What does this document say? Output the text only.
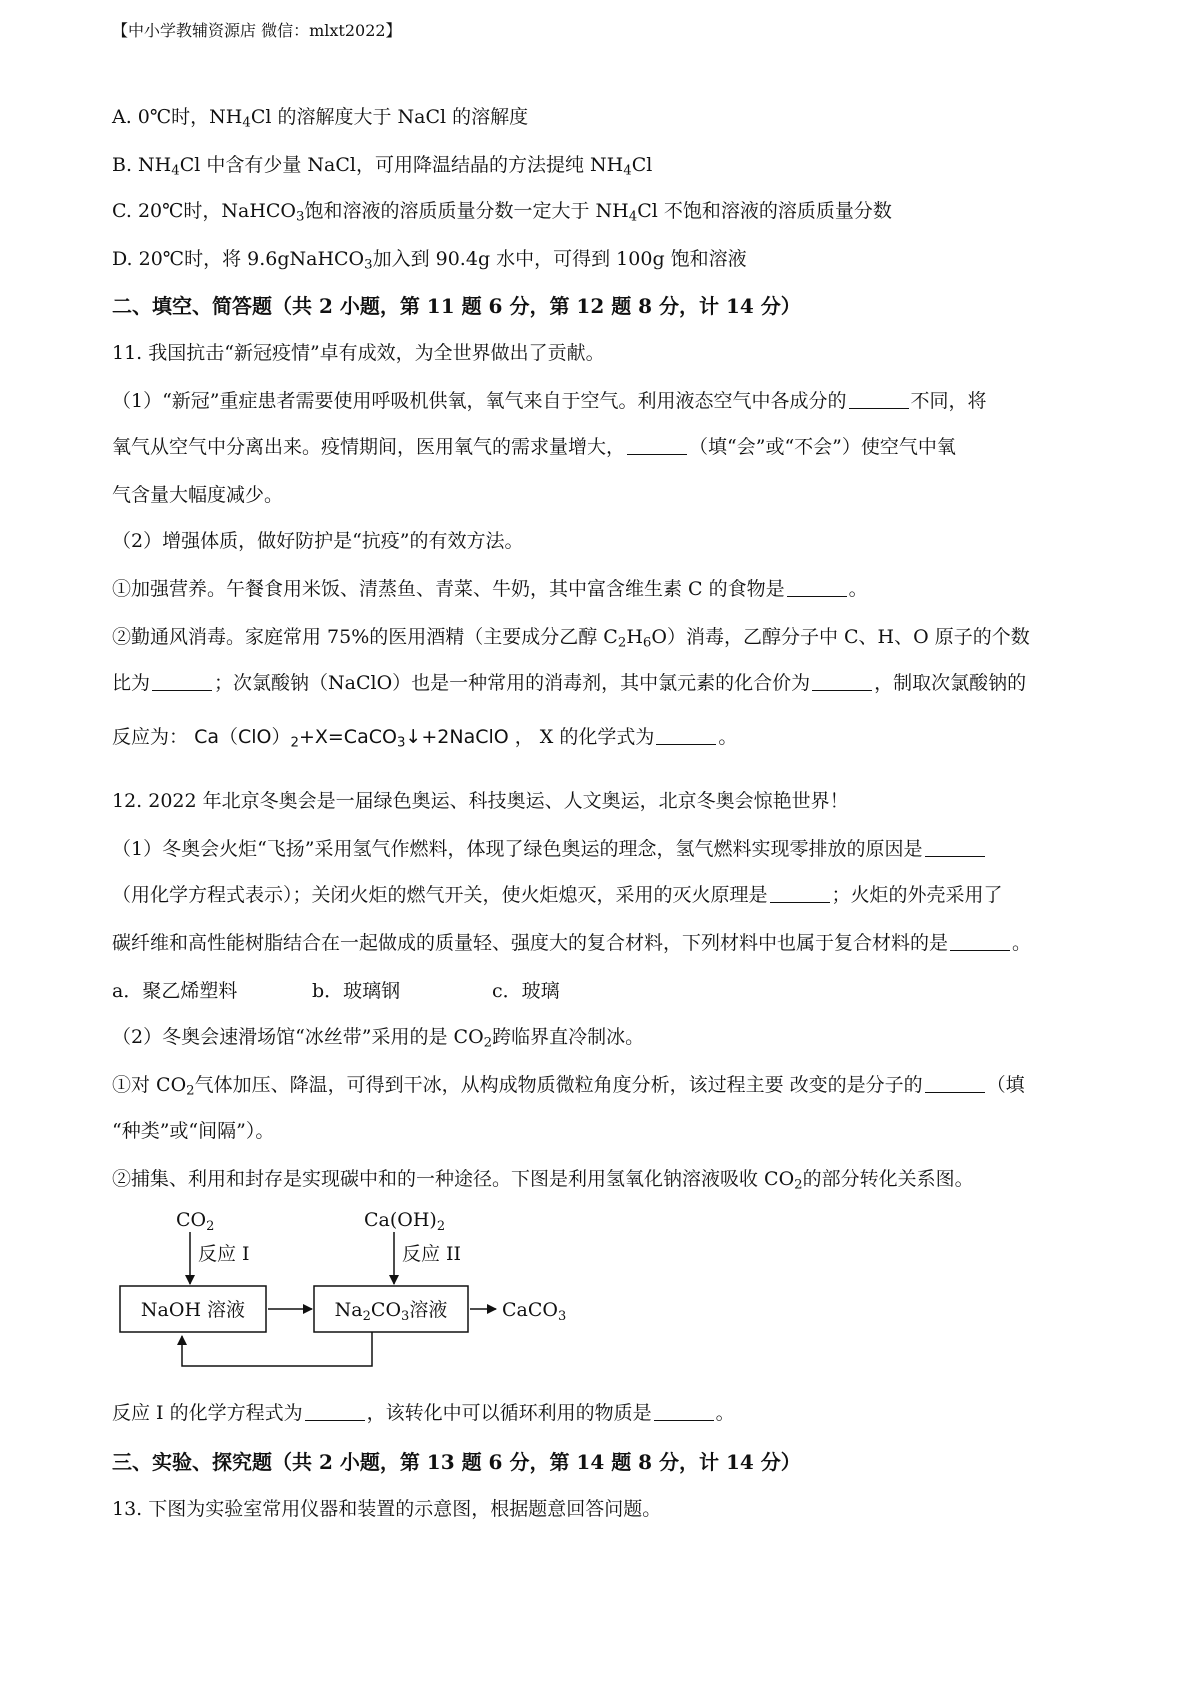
【中小学教辅资源店 微信：mlxt2022】
A. 0℃时，$NH_4Cl$ 的溶解度大于 NaCl 的溶解度
B. $NH_4Cl$ 中含有少量 NaCl，可用降温结晶的方法提纯 $NH_4Cl$
C. 20℃时，NaHCO$_3$饱和溶液的溶质质量分数一定大于 $NH_4Cl$ 不饱和溶液的溶质质量分数
D. 20℃时，将 9.6gNaHCO$_3$加入到 90.4g 水中，可得到 100g 饱和溶液
二、填空、简答题（共 2 小题，第 11 题 6 分，第 12 题 8 分，计 14 分）
11. 我国抗击“新冠疫情”卓有成效，为全世界做出了贡献。
（1）“新冠”重症患者需要使用呼吸机供氧，氧气来自于空气。利用液态空气中各成分的	不同，将
氧气从空气中分离出来。疫情期间，医用氧气的需求量增大，	（填“会”或“不会”）使空气中氧
气含量大幅度减少。
（2）增强体质，做好防护是“抗疫”的有效方法。
①加强营养。午餐食用米饭、清蒸鱼、青菜、牛奶，其中富含维生素 C 的食物是	。
②勤通风消毒。家庭常用 75%的医用酒精（主要成分乙醇 $C_2H_6O$）消毒，乙醇分子中 C、H、O 原子的个数
比为	；次氯酸钠（NaClO）也是一种常用的消毒剂，其中氯元素的化合价为	，制取次氯酸钠的
反应为： $Ca(ClO)_2+X=CaCO_3↓+2NaClO$ ， X 的化学式为	。
12. 2022 年北京冬奥会是一届绿色奥运、科技奥运、人文奥运，北京冬奥会惊艳世界！
（1）冬奥会火炬“飞扬”采用氢气作燃料，体现了绿色奥运的理念，氢气燃料实现零排放的原因是
（用化学方程式表示）；关闭火炬的燃气开关，使火炬熄灭，采用的灭火原理是	；火炬的外壳采用了
碳纤维和高性能树脂结合在一起做成的质量轻、强度大的复合材料，下列材料中也属于复合材料的是	。
a．聚乙烯塑料	b．玻璃钢	c．玻璃
（2）冬奥会速滑场馆“冰丝带”采用的是 $CO_2$跨临界直冷制冰。
①对 $CO_2$气体加压、降温，可得到干冰，从构成物质微粒角度分析，该过程主要 改变的是分子的	（填
“种类”或“间隔”）。
②捕集、利用和封存是实现碳中和的一种途径。下图是利用氢氧化钠溶液吸收 $CO_2$的部分转化关系图。
$CO_2$
反应 I
$Ca(OH)_2$
反应 II
NaOH 溶液	$Na_2CO_3$溶液	CaCO$_3$
反应 I 的化学方程式为	，该转化中可以循环利用的物质是	。
三、实验、探究题（共 2 小题，第 13 题 6 分，第 14 题 8 分，计 14 分）
13. 下图为实验室常用仪器和装置的示意图，根据题意回答问题。
